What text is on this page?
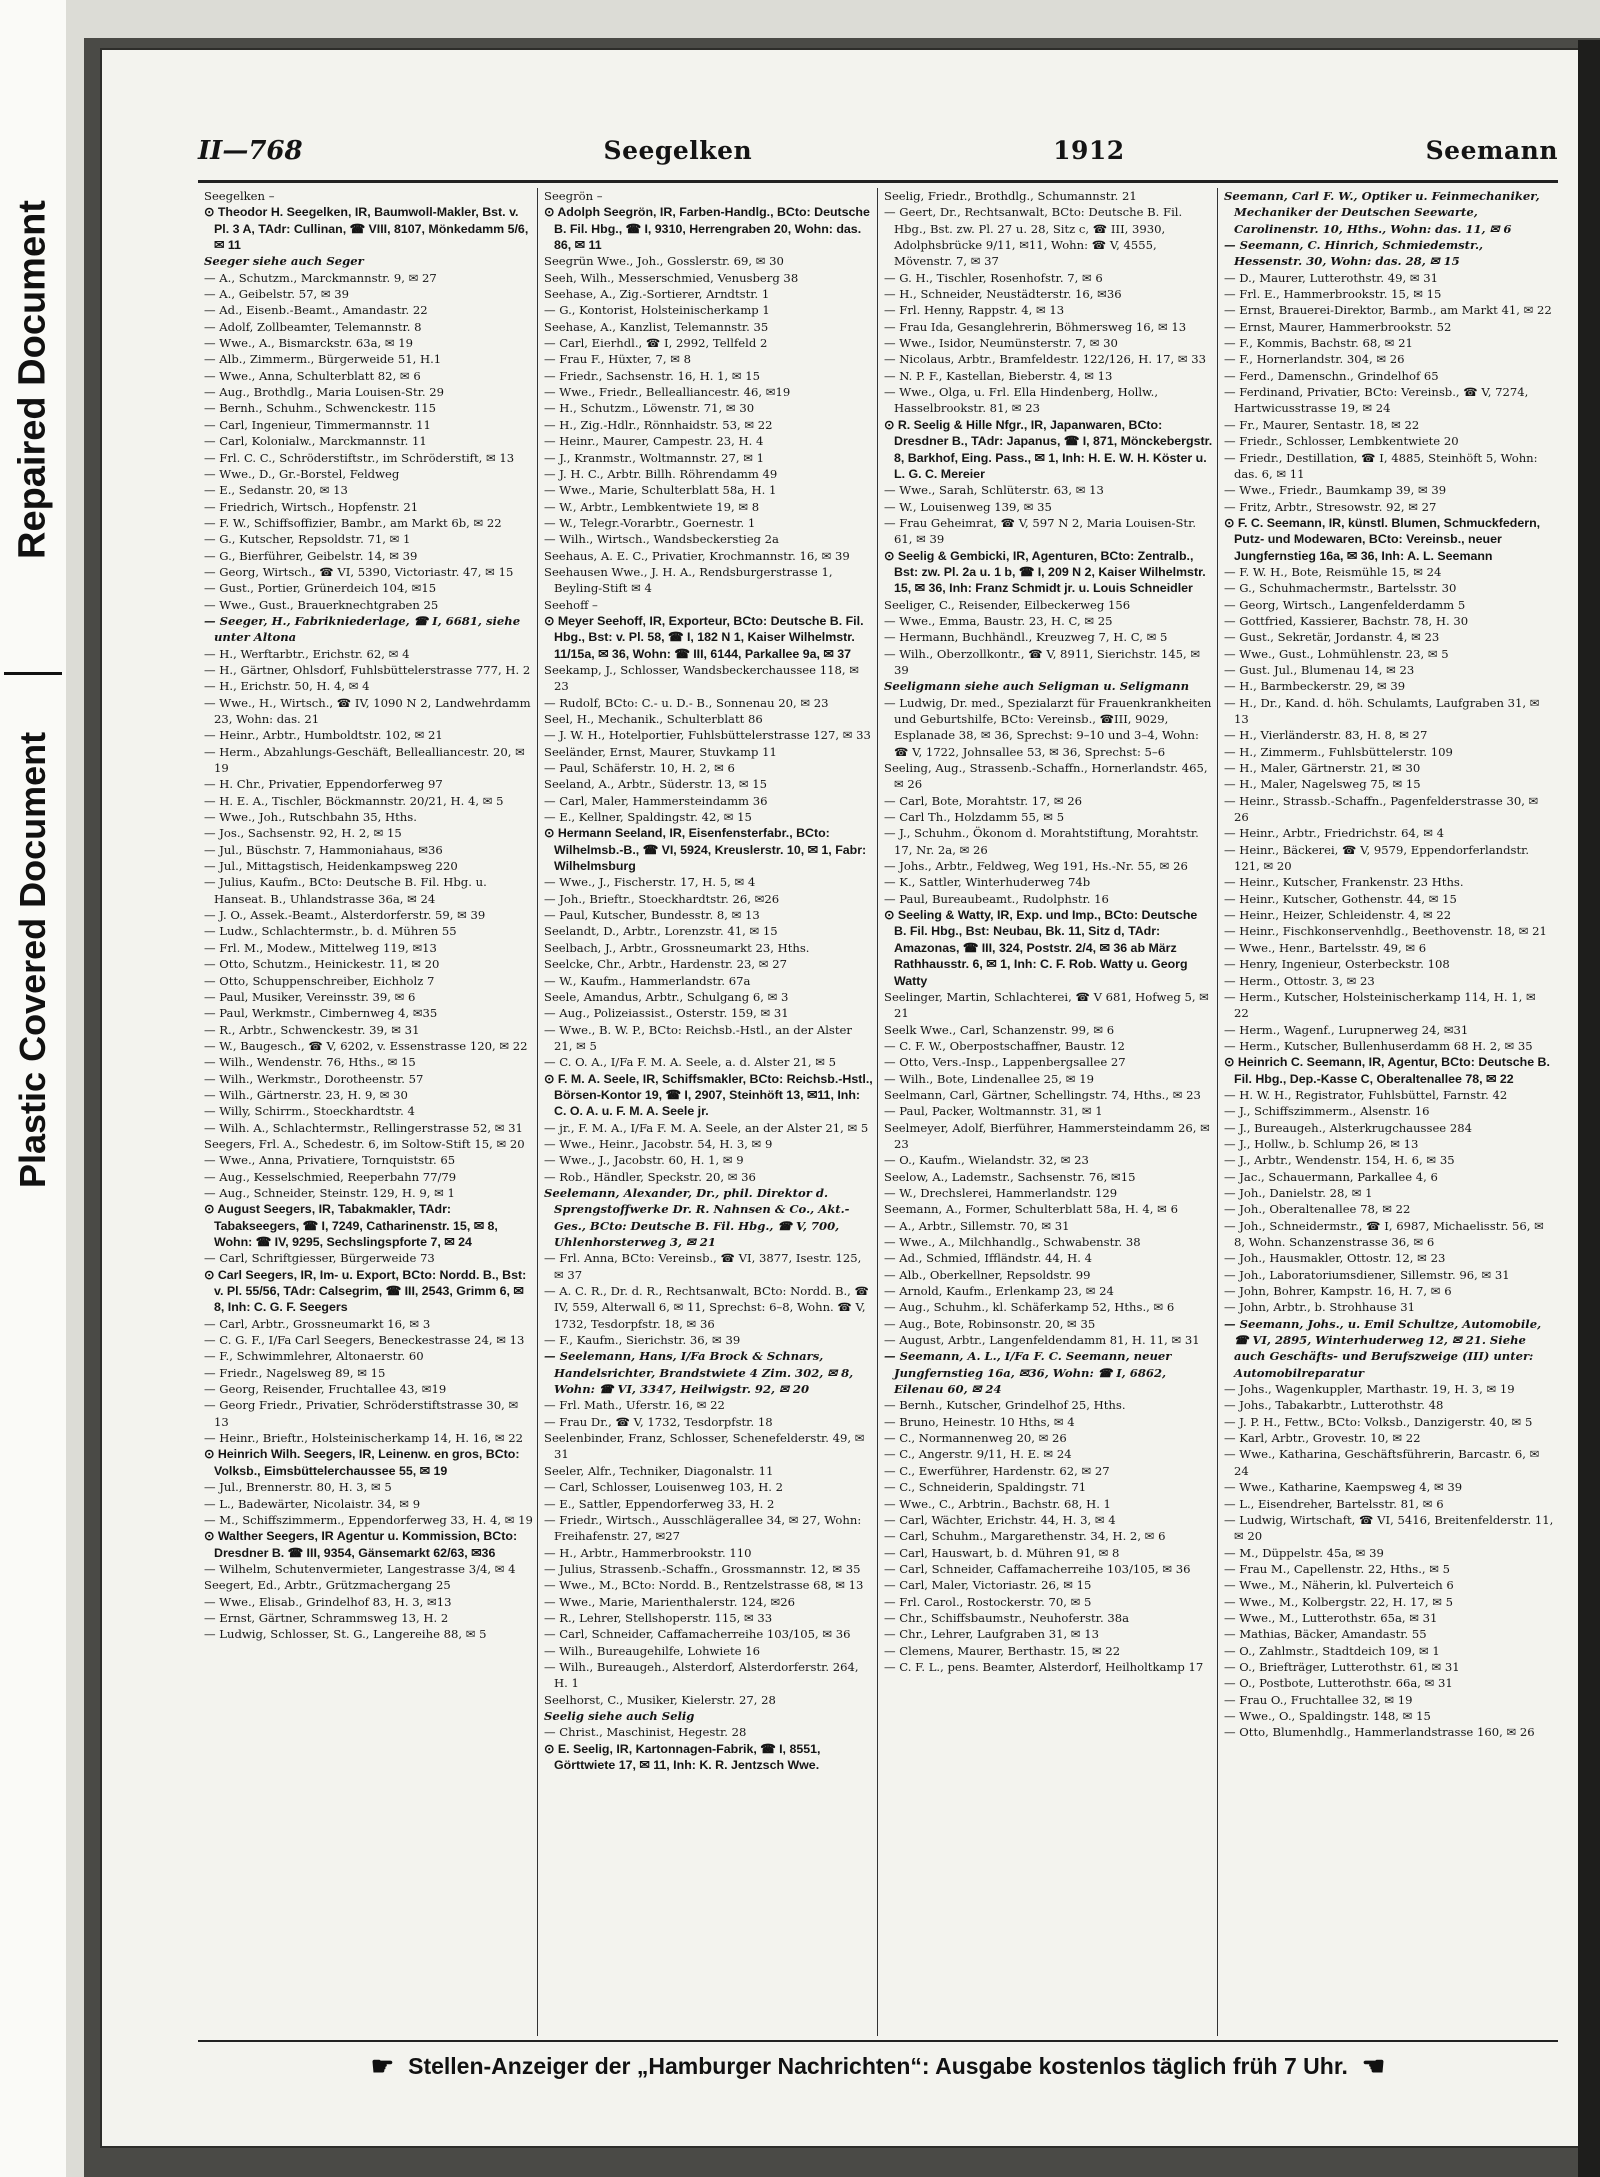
Repaired Document
Plastic Covered Document
II—768	Seegelken	1912	Seemann
Seegelken –
⊙ Theodor H. Seegelken, IR, Baumwoll-Makler, Bst. v. Pl. 3 A, TAdr: Cullinan, ☎ VIII, 8107, Mönkedamm 5/6, ✉ 11
Seeger siehe auch Seger
— A., Schutzm., Marckmannstr. 9, ✉ 27
— A., Geibelstr. 57, ✉ 39
— Ad., Eisenb.-Beamt., Amandastr. 22
— Adolf, Zollbeamter, Telemannstr. 8
— Wwe., A., Bismarckstr. 63a, ✉ 19
— Alb., Zimmerm., Bürgerweide 51, H.1
— Wwe., Anna, Schulterblatt 82, ✉ 6
— Aug., Brothdlg., Maria Louisen-Str. 29
— Bernh., Schuhm., Schwenckestr. 115
— Carl, Ingenieur, Timmermannstr. 11
— Carl, Kolonialw., Marckmannstr. 11
— Frl. C. C., Schröderstiftstr., im Schröderstift, ✉ 13
— Wwe., D., Gr.-Borstel, Feldweg
— E., Sedanstr. 20, ✉ 13
— Friedrich, Wirtsch., Hopfenstr. 21
— F. W., Schiffsoffizier, Bambr., am Markt 6b, ✉ 22
— G., Kutscher, Repsoldstr. 71, ✉ 1
— G., Bierführer, Geibelstr. 14, ✉ 39
— Georg, Wirtsch., ☎ VI, 5390, Victoriastr. 47, ✉ 15
— Gust., Portier, Grünerdeich 104, ✉15
— Wwe., Gust., Brauerknechtgraben 25
— Seeger, H., Fabrikniederlage, ☎ I, 6681, siehe unter Altona
— H., Werftarbtr., Erichstr. 62, ✉ 4
— H., Gärtner, Ohlsdorf, Fuhlsbüttelerstrasse 777, H. 2
— H., Erichstr. 50, H. 4, ✉ 4
— Wwe., H., Wirtsch., ☎ IV, 1090 N 2, Landwehrdamm 23, Wohn: das. 21
— Heinr., Arbtr., Humboldtstr. 102, ✉ 21
— Herm., Abzahlungs-Geschäft, Bellealliancestr. 20, ✉ 19
— H. Chr., Privatier, Eppendorferweg 97
— H. E. A., Tischler, Böckmannstr. 20/21, H. 4, ✉ 5
— Wwe., Joh., Rutschbahn 35, Hths.
— Jos., Sachsenstr. 92, H. 2, ✉ 15
— Jul., Büschstr. 7, Hammoniahaus, ✉36
— Jul., Mittagstisch, Heidenkampsweg 220
— Julius, Kaufm., BCto: Deutsche B. Fil. Hbg. u. Hanseat. B., Uhlandstrasse 36a, ✉ 24
— J. O., Assek.-Beamt., Alsterdorferstr. 59, ✉ 39
— Ludw., Schlachtermstr., b. d. Mühren 55
— Frl. M., Modew., Mittelweg 119, ✉13
— Otto, Schutzm., Heinickestr. 11, ✉ 20
— Otto, Schuppenschreiber, Eichholz 7
— Paul, Musiker, Vereinsstr. 39, ✉ 6
— Paul, Werkmstr., Cimbernweg 4, ✉35
— R., Arbtr., Schwenckestr. 39, ✉ 31
— W., Baugesch., ☎ V, 6202, v. Essenstrasse 120, ✉ 22
— Wilh., Wendenstr. 76, Hths., ✉ 15
— Wilh., Werkmstr., Dorotheenstr. 57
— Wilh., Gärtnerstr. 23, H. 9, ✉ 30
— Willy, Schirrm., Stoeckhardtstr. 4
— Wilh. A., Schlachtermstr., Rellingerstrasse 52, ✉ 31
Seegers, Frl. A., Schedestr. 6, im Soltow-Stift 15, ✉ 20
— Wwe., Anna, Privatiere, Tornquiststr. 65
— Aug., Kesselschmied, Reeperbahn 77/79
— Aug., Schneider, Steinstr. 129, H. 9, ✉ 1
⊙ August Seegers, IR, Tabakmakler, TAdr: Tabakseegers, ☎ I, 7249, Catharinenstr. 15, ✉ 8, Wohn: ☎ IV, 9295, Sechslingspforte 7, ✉ 24
— Carl, Schriftgiesser, Bürgerweide 73
⊙ Carl Seegers, IR, Im- u. Export, BCto: Nordd. B., Bst: v. Pl. 55/56, TAdr: Calsegrim, ☎ III, 2543, Grimm 6, ✉ 8, Inh: C. G. F. Seegers
— Carl, Arbtr., Grossneumarkt 16, ✉ 3
— C. G. F., I/Fa Carl Seegers, Beneckestrasse 24, ✉ 13
— F., Schwimmlehrer, Altonaerstr. 60
— Friedr., Nagelsweg 89, ✉ 15
— Georg, Reisender, Fruchtallee 43, ✉19
— Georg Friedr., Privatier, Schröderstiftstrasse 30, ✉ 13
— Heinr., Brieftr., Holsteinischerkamp 14, H. 16, ✉ 22
⊙ Heinrich Wilh. Seegers, IR, Leinenw. en gros, BCto: Volksb., Eimsbüttelerchaussee 55, ✉ 19
— Jul., Brennerstr. 80, H. 3, ✉ 5
— L., Badewärter, Nicolaistr. 34, ✉ 9
— M., Schiffszimmerm., Eppendorferweg 33, H. 4, ✉ 19
⊙ Walther Seegers, IR Agentur u. Kommission, BCto: Dresdner B. ☎ III, 9354, Gänsemarkt 62/63, ✉36
— Wilhelm, Schutenvermieter, Langestrasse 3/4, ✉ 4
Seegert, Ed., Arbtr., Grützmachergang 25
— Wwe., Elisab., Grindelhof 83, H. 3, ✉13
— Ernst, Gärtner, Schrammsweg 13, H. 2
— Ludwig, Schlosser, St. G., Langereihe 88, ✉ 5
Seegrön –
⊙ Adolph Seegrön, IR, Farben-Handlg., BCto: Deutsche B. Fil. Hbg., ☎ I, 9310, Herrengraben 20, Wohn: das. 86, ✉ 11
Seegrün Wwe., Joh., Gosslerstr. 69, ✉ 30
Seeh, Wilh., Messerschmied, Venusberg 38
Seehase, A., Zig.-Sortierer, Arndtstr. 1
— G., Kontorist, Holsteinischerkamp 1
Seehase, A., Kanzlist, Telemannstr. 35
— Carl, Eierhdl., ☎ I, 2992, Tellfeld 2
— Frau F., Hüxter, 7, ✉ 8
— Friedr., Sachsenstr. 16, H. 1, ✉ 15
— Wwe., Friedr., Bellealliancestr. 46, ✉19
— H., Schutzm., Löwenstr. 71, ✉ 30
— H., Zig.-Hdlr., Rönnhaidstr. 53, ✉ 22
— Heinr., Maurer, Campestr. 23, H. 4
— J., Kranmstr., Woltmannstr. 27, ✉ 1
— J. H. C., Arbtr. Billh. Röhrendamm 49
— Wwe., Marie, Schulterblatt 58a, H. 1
— W., Arbtr., Lembkentwiete 19, ✉ 8
— W., Telegr.-Vorarbtr., Goernestr. 1
— Wilh., Wirtsch., Wandsbeckerstieg 2a
Seehaus, A. E. C., Privatier, Krochmannstr. 16, ✉ 39
Seehausen Wwe., J. H. A., Rendsburgerstrasse 1, Beyling-Stift ✉ 4
Seehoff –
⊙ Meyer Seehoff, IR, Exporteur, BCto: Deutsche B. Fil. Hbg., Bst: v. Pl. 58, ☎ I, 182 N 1, Kaiser Wilhelmstr. 11/15a, ✉ 36, Wohn: ☎ III, 6144, Parkallee 9a, ✉ 37
Seekamp, J., Schlosser, Wandsbeckerchaussee 118, ✉ 23
— Rudolf, BCto: C.- u. D.- B., Sonnenau 20, ✉ 23
Seel, H., Mechanik., Schulterblatt 86
— J. W. H., Hotelportier, Fuhlsbüttelerstrasse 127, ✉ 33
Seeländer, Ernst, Maurer, Stuvkamp 11
— Paul, Schäferstr. 10, H. 2, ✉ 6
Seeland, A., Arbtr., Süderstr. 13, ✉ 15
— Carl, Maler, Hammersteindamm 36
— E., Kellner, Spaldingstr. 42, ✉ 15
⊙ Hermann Seeland, IR, Eisenfensterfabr., BCto: Wilhelmsb.-B., ☎ VI, 5924, Kreuslerstr. 10, ✉ 1, Fabr: Wilhelmsburg
— Wwe., J., Fischerstr. 17, H. 5, ✉ 4
— Joh., Brieftr., Stoeckhardtstr. 26, ✉26
— Paul, Kutscher, Bundesstr. 8, ✉ 13
Seelandt, D., Arbtr., Lorenzstr. 41, ✉ 15
Seelbach, J., Arbtr., Grossneumarkt 23, Hths.
Seelcke, Chr., Arbtr., Hardenstr. 23, ✉ 27
— W., Kaufm., Hammerlandstr. 67a
Seele, Amandus, Arbtr., Schulgang 6, ✉ 3
— Aug., Polizeiassist., Osterstr. 159, ✉ 31
— Wwe., B. W. P., BCto: Reichsb.-Hstl., an der Alster 21, ✉ 5
— C. O. A., I/Fa F. M. A. Seele, a. d. Alster 21, ✉ 5
⊙ F. M. A. Seele, IR, Schiffsmakler, BCto: Reichsb.-Hstl., Börsen-Kontor 19, ☎ I, 2907, Steinhöft 13, ✉11, Inh: C. O. A. u. F. M. A. Seele jr.
— jr., F. M. A., I/Fa F. M. A. Seele, an der Alster 21, ✉ 5
— Wwe., Heinr., Jacobstr. 54, H. 3, ✉ 9
— Wwe., J., Jacobstr. 60, H. 1, ✉ 9
— Rob., Händler, Speckstr. 20, ✉ 36
Seelemann, Alexander, Dr., phil. Direktor d. Sprengstoffwerke Dr. R. Nahnsen & Co., Akt.-Ges., BCto: Deutsche B. Fil. Hbg., ☎ V, 700, Uhlenhorsterweg 3, ✉ 21
— Frl. Anna, BCto: Vereinsb., ☎ VI, 3877, Isestr. 125, ✉ 37
— A. C. R., Dr. d. R., Rechtsanwalt, BCto: Nordd. B., ☎ IV, 559, Alterwall 6, ✉ 11, Sprechst: 6–8, Wohn. ☎ V, 1732, Tesdorpfstr. 18, ✉ 36
— F., Kaufm., Sierichstr. 36, ✉ 39
— Seelemann, Hans, I/Fa Brock & Schnars, Handelsrichter, Brandstwiete 4 Zim. 302, ✉ 8, Wohn: ☎ VI, 3347, Heilwigstr. 92, ✉ 20
— Frl. Math., Uferstr. 16, ✉ 22
— Frau Dr., ☎ V, 1732, Tesdorpfstr. 18
Seelenbinder, Franz, Schlosser, Schenefelderstr. 49, ✉ 31
Seeler, Alfr., Techniker, Diagonalstr. 11
— Carl, Schlosser, Louisenweg 103, H. 2
— E., Sattler, Eppendorferweg 33, H. 2
— Friedr., Wirtsch., Ausschlägerallee 34, ✉ 27, Wohn: Freihafenstr. 27, ✉27
— H., Arbtr., Hammerbrookstr. 110
— Julius, Strassenb.-Schaffn., Grossmannstr. 12, ✉ 35
— Wwe., M., BCto: Nordd. B., Rentzelstrasse 68, ✉ 13
— Wwe., Marie, Marienthalerstr. 124, ✉26
— R., Lehrer, Stellshoperstr. 115, ✉ 33
— Carl, Schneider, Caffamacherreihe 103/105, ✉ 36
— Wilh., Bureaugehilfe, Lohwiete 16
— Wilh., Bureaugeh., Alsterdorf, Alsterdorferstr. 264, H. 1
Seelhorst, C., Musiker, Kielerstr. 27, 28
Seelig siehe auch Selig
— Christ., Maschinist, Hegestr. 28
⊙ E. Seelig, IR, Kartonnagen-Fabrik, ☎ I, 8551, Görttwiete 17, ✉ 11, Inh: K. R. Jentzsch Wwe.
Seelig, Friedr., Brothdlg., Schumannstr. 21
— Geert, Dr., Rechtsanwalt, BCto: Deutsche B. Fil. Hbg., Bst. zw. Pl. 27 u. 28, Sitz c, ☎ III, 3930, Adolphsbrücke 9/11, ✉11, Wohn: ☎ V, 4555, Mövenstr. 7, ✉ 37
— G. H., Tischler, Rosenhofstr. 7, ✉ 6
— H., Schneider, Neustädterstr. 16, ✉36
— Frl. Henny, Rappstr. 4, ✉ 13
— Frau Ida, Gesanglehrerin, Böhmersweg 16, ✉ 13
— Wwe., Isidor, Neumünsterstr. 7, ✉ 30
— Nicolaus, Arbtr., Bramfeldestr. 122/126, H. 17, ✉ 33
— N. P. F., Kastellan, Bieberstr. 4, ✉ 13
— Wwe., Olga, u. Frl. Ella Hindenberg, Hollw., Hasselbrookstr. 81, ✉ 23
⊙ R. Seelig & Hille Nfgr., IR, Japanwaren, BCto: Dresdner B., TAdr: Japanus, ☎ I, 871, Mönckebergstr. 8, Barkhof, Eing. Pass., ✉ 1, Inh: H. E. W. H. Köster u. L. G. C. Mereier
— Wwe., Sarah, Schlüterstr. 63, ✉ 13
— W., Louisenweg 139, ✉ 35
— Frau Geheimrat, ☎ V, 597 N 2, Maria Louisen-Str. 61, ✉ 39
⊙ Seelig & Gembicki, IR, Agenturen, BCto: Zentralb., Bst: zw. Pl. 2a u. 1 b, ☎ I, 209 N 2, Kaiser Wilhelmstr. 15, ✉ 36, Inh: Franz Schmidt jr. u. Louis Schneidler
Seeliger, C., Reisender, Eilbeckerweg 156
— Wwe., Emma, Baustr. 23, H. C, ✉ 25
— Hermann, Buchhändl., Kreuzweg 7, H. C, ✉ 5
— Wilh., Oberzollkontr., ☎ V, 8911, Sierichstr. 145, ✉ 39
Seeligmann siehe auch Seligman u. Seligmann
— Ludwig, Dr. med., Spezialarzt für Frauenkrankheiten und Geburtshilfe, BCto: Vereinsb., ☎III, 9029, Esplanade 38, ✉ 36, Sprechst: 9–10 und 3–4, Wohn: ☎ V, 1722, Johnsallee 53, ✉ 36, Sprechst: 5–6
Seeling, Aug., Strassenb.-Schaffn., Hornerlandstr. 465, ✉ 26
— Carl, Bote, Morahtstr. 17, ✉ 26
— Carl Th., Holzdamm 55, ✉ 5
— J., Schuhm., Ökonom d. Morahtstiftung, Morahtstr. 17, Nr. 2a, ✉ 26
— Johs., Arbtr., Feldweg, Weg 191, Hs.-Nr. 55, ✉ 26
— K., Sattler, Winterhuderweg 74b
— Paul, Bureaubeamt., Rudolphstr. 16
⊙ Seeling & Watty, IR, Exp. und Imp., BCto: Deutsche B. Fil. Hbg., Bst: Neubau, Bk. 11, Sitz d, TAdr: Amazonas, ☎ III, 324, Poststr. 2/4, ✉ 36 ab März Rathhausstr. 6, ✉ 1, Inh: C. F. Rob. Watty u. Georg Watty
Seelinger, Martin, Schlachterei, ☎ V 681, Hofweg 5, ✉ 21
Seelk Wwe., Carl, Schanzenstr. 99, ✉ 6
— C. F. W., Oberpostschaffner, Baustr. 12
— Otto, Vers.-Insp., Lappenbergsallee 27
— Wilh., Bote, Lindenallee 25, ✉ 19
Seelmann, Carl, Gärtner, Schellingstr. 74, Hths., ✉ 23
— Paul, Packer, Woltmannstr. 31, ✉ 1
Seelmeyer, Adolf, Bierführer, Hammersteindamm 26, ✉ 23
— O., Kaufm., Wielandstr. 32, ✉ 23
Seelow, A., Lademstr., Sachsenstr. 76, ✉15
— W., Drechslerei, Hammerlandstr. 129
Seemann, A., Former, Schulterblatt 58a, H. 4, ✉ 6
— A., Arbtr., Sillemstr. 70, ✉ 31
— Wwe., A., Milchhandlg., Schwabenstr. 38
— Ad., Schmied, Iffländstr. 44, H. 4
— Alb., Oberkellner, Repsoldstr. 99
— Arnold, Kaufm., Erlenkamp 23, ✉ 24
— Aug., Schuhm., kl. Schäferkamp 52, Hths., ✉ 6
— Aug., Bote, Robinsonstr. 20, ✉ 35
— August, Arbtr., Langenfeldendamm 81, H. 11, ✉ 31
— Seemann, A. L., I/Fa F. C. Seemann, neuer Jungfernstieg 16a, ✉36, Wohn: ☎ I, 6862, Eilenau 60, ✉ 24
— Bernh., Kutscher, Grindelhof 25, Hths.
— Bruno, Heinestr. 10 Hths, ✉ 4
— C., Normannenweg 20, ✉ 26
— C., Angerstr. 9/11, H. E. ✉ 24
— C., Ewerführer, Hardenstr. 62, ✉ 27
— C., Schneiderin, Spaldingstr. 71
— Wwe., C., Arbtrin., Bachstr. 68, H. 1
— Carl, Wächter, Erichstr. 44, H. 3, ✉ 4
— Carl, Schuhm., Margarethenstr. 34, H. 2, ✉ 6
— Carl, Hauswart, b. d. Mühren 91, ✉ 8
— Carl, Schneider, Caffamacherreihe 103/105, ✉ 36
— Carl, Maler, Victoriastr. 26, ✉ 15
— Frl. Carol., Rostockerstr. 70, ✉ 5
— Chr., Schiffsbaumstr., Neuhoferstr. 38a
— Chr., Lehrer, Laufgraben 31, ✉ 13
— Clemens, Maurer, Berthastr. 15, ✉ 22
— C. F. L., pens. Beamter, Alsterdorf, Heilholtkamp 17
Seemann, Carl F. W., Optiker u. Feinmechaniker, Mechaniker der Deutschen Seewarte, Carolinenstr. 10, Hths., Wohn: das. 11, ✉ 6
— Seemann, C. Hinrich, Schmiedemstr., Hessenstr. 30, Wohn: das. 28, ✉ 15
— D., Maurer, Lutterothstr. 49, ✉ 31
— Frl. E., Hammerbrookstr. 15, ✉ 15
— Ernst, Brauerei-Direktor, Barmb., am Markt 41, ✉ 22
— Ernst, Maurer, Hammerbrookstr. 52
— F., Kommis, Bachstr. 68, ✉ 21
— F., Hornerlandstr. 304, ✉ 26
— Ferd., Damenschn., Grindelhof 65
— Ferdinand, Privatier, BCto: Vereinsb., ☎ V, 7274, Hartwicusstrasse 19, ✉ 24
— Fr., Maurer, Sentastr. 18, ✉ 22
— Friedr., Schlosser, Lembkentwiete 20
— Friedr., Destillation, ☎ I, 4885, Steinhöft 5, Wohn: das. 6, ✉ 11
— Wwe., Friedr., Baumkamp 39, ✉ 39
— Fritz, Arbtr., Stresowstr. 92, ✉ 27
⊙ F. C. Seemann, IR, künstl. Blumen, Schmuckfedern, Putz- und Modewaren, BCto: Vereinsb., neuer Jungfernstieg 16a, ✉ 36, Inh: A. L. Seemann
— F. W. H., Bote, Reismühle 15, ✉ 24
— G., Schuhmachermstr., Bartelsstr. 30
— Georg, Wirtsch., Langenfelderdamm 5
— Gottfried, Kassierer, Bachstr. 78, H. 30
— Gust., Sekretär, Jordanstr. 4, ✉ 23
— Wwe., Gust., Lohmühlenstr. 23, ✉ 5
— Gust. Jul., Blumenau 14, ✉ 23
— H., Barmbeckerstr. 29, ✉ 39
— H., Dr., Kand. d. höh. Schulamts, Laufgraben 31, ✉ 13
— H., Vierländerstr. 83, H. 8, ✉ 27
— H., Zimmerm., Fuhlsbüttelerstr. 109
— H., Maler, Gärtnerstr. 21, ✉ 30
— H., Maler, Nagelsweg 75, ✉ 15
— Heinr., Strassb.-Schaffn., Pagenfelderstrasse 30, ✉ 26
— Heinr., Arbtr., Friedrichstr. 64, ✉ 4
— Heinr., Bäckerei, ☎ V, 9579, Eppendorferlandstr. 121, ✉ 20
— Heinr., Kutscher, Frankenstr. 23 Hths.
— Heinr., Kutscher, Gothenstr. 44, ✉ 15
— Heinr., Heizer, Schleidenstr. 4, ✉ 22
— Heinr., Fischkonservenhdlg., Beethovenstr. 18, ✉ 21
— Wwe., Henr., Bartelsstr. 49, ✉ 6
— Henry, Ingenieur, Osterbeckstr. 108
— Herm., Ottostr. 3, ✉ 23
— Herm., Kutscher, Holsteinischerkamp 114, H. 1, ✉ 22
— Herm., Wagenf., Lurupnerweg 24, ✉31
— Herm., Kutscher, Bullenhuserdamm 68 H. 2, ✉ 35
⊙ Heinrich C. Seemann, IR, Agentur, BCto: Deutsche B. Fil. Hbg., Dep.-Kasse C, Oberaltenallee 78, ✉ 22
— H. W. H., Registrator, Fuhlsbüttel, Farnstr. 42
— J., Schiffszimmerm., Alsenstr. 16
— J., Bureaugeh., Alsterkrugchaussee 284
— J., Hollw., b. Schlump 26, ✉ 13
— J., Arbtr., Wendenstr. 154, H. 6, ✉ 35
— Jac., Schauermann, Parkallee 4, 6
— Joh., Danielstr. 28, ✉ 1
— Joh., Oberaltenallee 78, ✉ 22
— Joh., Schneidermstr., ☎ I, 6987, Michaelisstr. 56, ✉ 8, Wohn. Schanzenstrasse 36, ✉ 6
— Joh., Hausmakler, Ottostr. 12, ✉ 23
— Joh., Laboratoriumsdiener, Sillemstr. 96, ✉ 31
— John, Bohrer, Kampstr. 16, H. 7, ✉ 6
— John, Arbtr., b. Strohhause 31
— Seemann, Johs., u. Emil Schultze, Automobile, ☎ VI, 2895, Winterhuderweg 12, ✉ 21. Siehe auch Geschäfts- und Berufszweige (III) unter: Automobilreparatur
— Johs., Wagenkuppler, Marthastr. 19, H. 3, ✉ 19
— Johs., Tabakarbtr., Lutterothstr. 48
— J. P. H., Fettw., BCto: Volksb., Danzigerstr. 40, ✉ 5
— Karl, Arbtr., Grovestr. 10, ✉ 22
— Wwe., Katharina, Geschäftsführerin, Barcastr. 6, ✉ 24
— Wwe., Katharine, Kaempsweg 4, ✉ 39
— L., Eisendreher, Bartelsstr. 81, ✉ 6
— Ludwig, Wirtschaft, ☎ VI, 5416, Breitenfelderstr. 11, ✉ 20
— M., Düppelstr. 45a, ✉ 39
— Frau M., Capellenstr. 22, Hths., ✉ 5
— Wwe., M., Näherin, kl. Pulverteich 6
— Wwe., M., Kolbergstr. 22, H. 17, ✉ 5
— Wwe., M., Lutterothstr. 65a, ✉ 31
— Mathias, Bäcker, Amandastr. 55
— O., Zahlmstr., Stadtdeich 109, ✉ 1
— O., Briefträger, Lutterothstr. 61, ✉ 31
— O., Postbote, Lutterothstr. 66a, ✉ 31
— Frau O., Fruchtallee 32, ✉ 19
— Wwe., O., Spaldingstr. 148, ✉ 15
— Otto, Blumenhdlg., Hammerlandstrasse 160, ✉ 26
☛ Stellen-Anzeiger der „Hamburger Nachrichten“: Ausgabe kostenlos täglich früh 7 Uhr. ☚
